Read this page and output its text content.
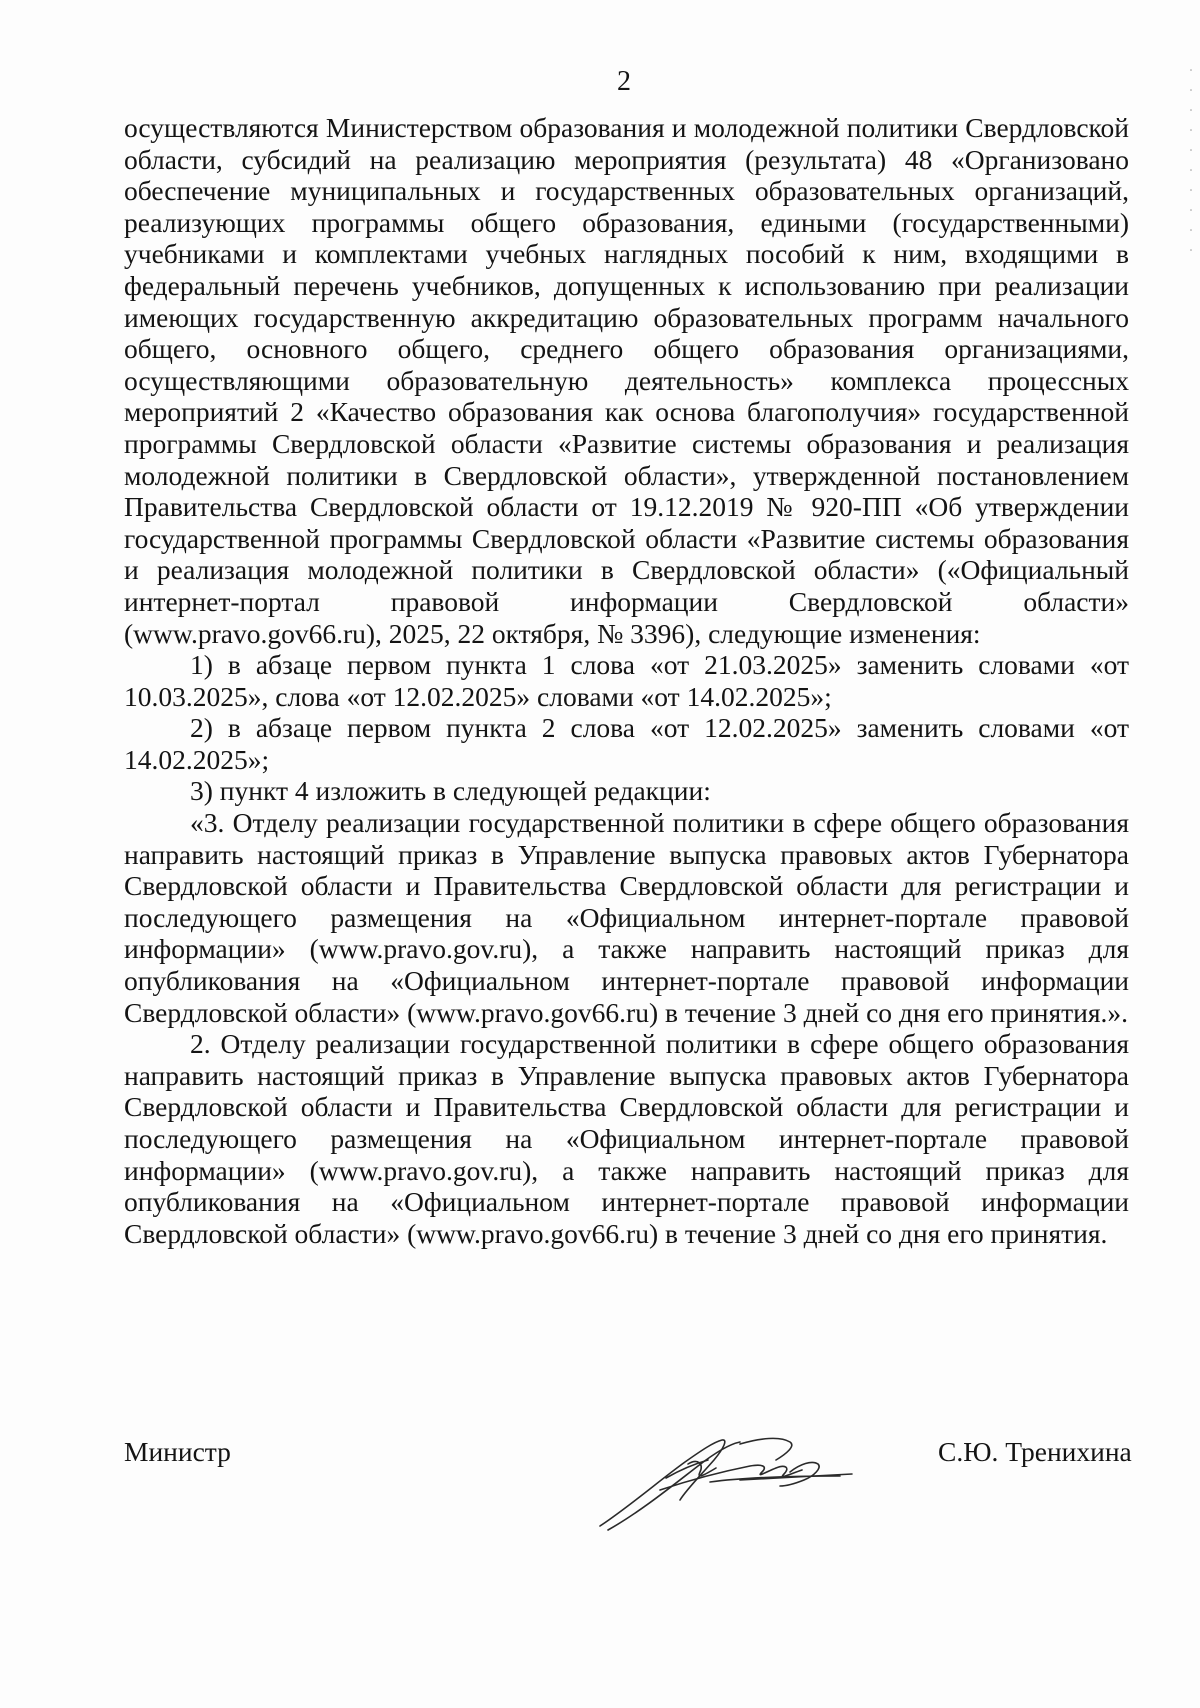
2

осуществляются Министерством образования и молодежной политики Свердловской области, субсидий на реализацию мероприятия (результата) 48 «Организовано обеспечение муниципальных и государственных образовательных организаций, реализующих программы общего образования, едиными (государственными) учебниками и комплектами учебных наглядных пособий к ним, входящими в федеральный перечень учебников, допущенных к использованию при реализации имеющих государственную аккредитацию образовательных программ начального общего, основного общего, среднего общего образования организациями, осуществляющими образовательную деятельность» комплекса процессных мероприятий 2 «Качество образования как основа благополучия» государственной программы Свердловской области «Развитие системы образования и реализация молодежной политики в Свердловской области», утвержденной постановлением Правительства Свердловской области от 19.12.2019 № 920-ПП «Об утверждении государственной программы Свердловской области «Развитие системы образования и реализация молодежной политики в Свердловской области» («Официальный интернет-портал правовой информации Свердловской области» (www.pravo.gov66.ru), 2025, 22 октября, № 3396), следующие изменения:

1) в абзаце первом пункта 1 слова «от 21.03.2025» заменить словами «от 10.03.2025», слова «от 12.02.2025» словами «от 14.02.2025»;

2) в абзаце первом пункта 2 слова «от 12.02.2025» заменить словами «от 14.02.2025»;

3) пункт 4 изложить в следующей редакции:

«3. Отделу реализации государственной политики в сфере общего образования направить настоящий приказ в Управление выпуска правовых актов Губернатора Свердловской области и Правительства Свердловской области для регистрации и последующего размещения на «Официальном интернет-портале правовой информации» (www.pravo.gov.ru), а также направить настоящий приказ для опубликования на «Официальном интернет-портале правовой информации Свердловской области» (www.pravo.gov66.ru) в течение 3 дней со дня его принятия.».

2. Отделу реализации государственной политики в сфере общего образования направить настоящий приказ в Управление выпуска правовых актов Губернатора Свердловской области и Правительства Свердловской области для регистрации и последующего размещения на «Официальном интернет-портале правовой информации» (www.pravo.gov.ru), а также направить настоящий приказ для опубликования на «Официальном интернет-портале правовой информации Свердловской области» (www.pravo.gov66.ru) в течение 3 дней со дня его принятия.

Министр	С.Ю. Тренихина
